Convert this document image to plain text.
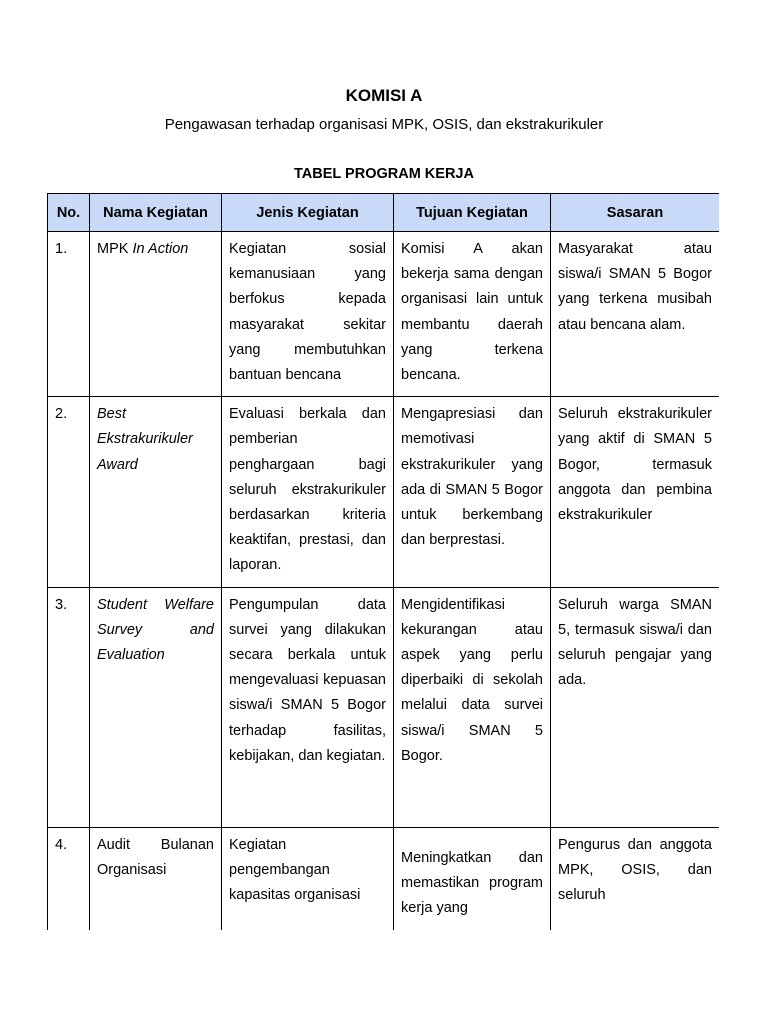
KOMISI A
Pengawasan terhadap organisasi MPK, OSIS, dan ekstrakurikuler
TABEL PROGRAM KERJA
No.	Nama Kegiatan	Jenis Kegiatan	Tujuan Kegiatan	Sasaran
1.	MPK In Action	Kegiatan sosial kemanusiaan yang berfokus kepada masyarakat sekitar yang membutuhkan bantuan bencana	Komisi A akan bekerja sama dengan organisasi lain untuk membantu daerah yang terkena bencana.	Masyarakat atau siswa/i SMAN 5 Bogor yang terkena musibah atau bencana alam.
2.	Best Ekstrakurikuler Award	Evaluasi berkala dan pemberian penghargaan bagi seluruh ekstrakurikuler berdasarkan kriteria keaktifan, prestasi, dan laporan.	Mengapresiasi dan memotivasi ekstrakurikuler yang ada di SMAN 5 Bogor untuk berkembang dan berprestasi.	Seluruh ekstrakurikuler yang aktif di SMAN 5 Bogor, termasuk anggota dan pembina ekstrakurikuler
3.	Student Welfare Survey and Evaluation	Pengumpulan data survei yang dilakukan secara berkala untuk mengevaluasi kepuasan siswa/i SMAN 5 Bogor terhadap fasilitas, kebijakan, dan kegiatan.	Mengidentifikasi kekurangan atau aspek yang perlu diperbaiki di sekolah melalui data survei siswa/i SMAN 5 Bogor.	Seluruh warga SMAN 5, termasuk siswa/i dan seluruh pengajar yang ada.
4.	Audit Bulanan Organisasi	Kegiatan pengembangan kapasitas organisasi	Meningkatkan dan memastikan program kerja yang	Pengurus dan anggota MPK, OSIS, dan seluruh
